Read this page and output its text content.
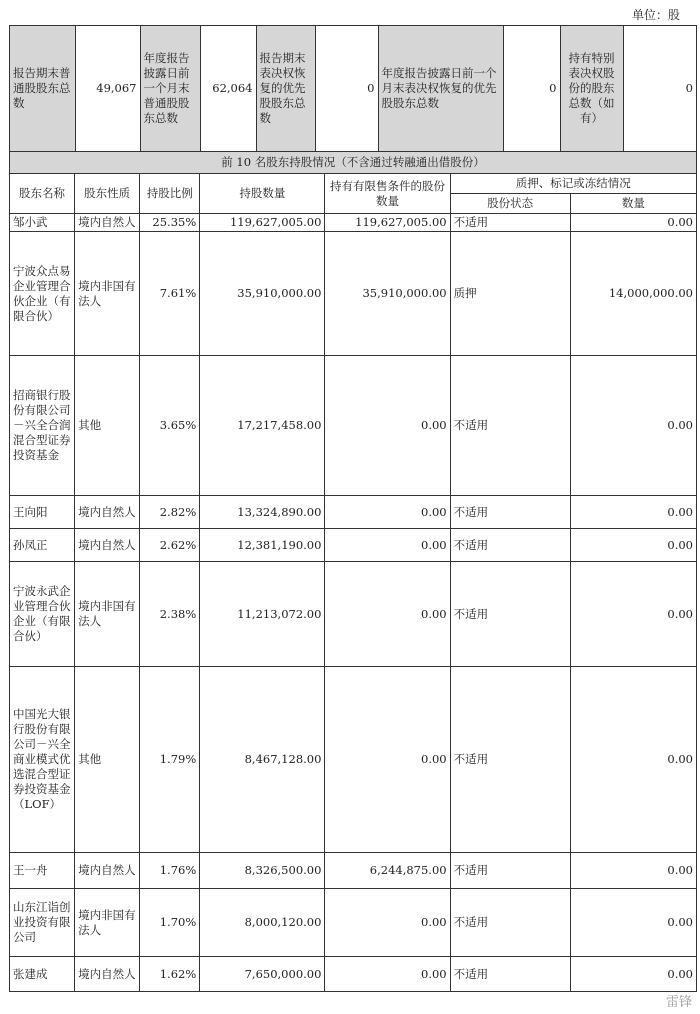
单位：股
报告期末普通股股东总数	49,067	年度报告披露日前一个月末普通股股东总数	62,064	报告期末表决权恢复的优先股股东总数	0	年度报告披露日前一个月末表决权恢复的优先股股东总数	0	持有特别表决权股份的股东总数（如有）	0

前 10 名股东持股情况（不含通过转融通出借股份）
股东名称	股东性质	持股比例	持股数量	持有有限售条件的股份数量	质押、标记或冻结情况
股份状态	数量
邹小武	境内自然人	25.35%	119,627,005.00	119,627,005.00	不适用	0.00
宁波众点易企业管理合伙企业（有限合伙）	境内非国有法人	7.61%	35,910,000.00	35,910,000.00	质押	14,000,000.00
招商银行股份有限公司－兴全合润混合型证券投资基金	其他	3.65%	17,217,458.00	0.00	不适用	0.00
王向阳	境内自然人	2.82%	13,324,890.00	0.00	不适用	0.00
孙凤正	境内自然人	2.62%	12,381,190.00	0.00	不适用	0.00
宁波永武企业管理合伙企业（有限合伙）	境内非国有法人	2.38%	11,213,072.00	0.00	不适用	0.00
中国光大银行股份有限公司－兴全商业模式优选混合型证券投资基金（LOF）	其他	1.79%	8,467,128.00	0.00	不适用	0.00
王一舟	境内自然人	1.76%	8,326,500.00	6,244,875.00	不适用	0.00
山东江诣创业投资有限公司	境内非国有法人	1.70%	8,000,120.00	0.00	不适用	0.00
张建成	境内自然人	1.62%	7,650,000.00	0.00	不适用	0.00
雷锋
